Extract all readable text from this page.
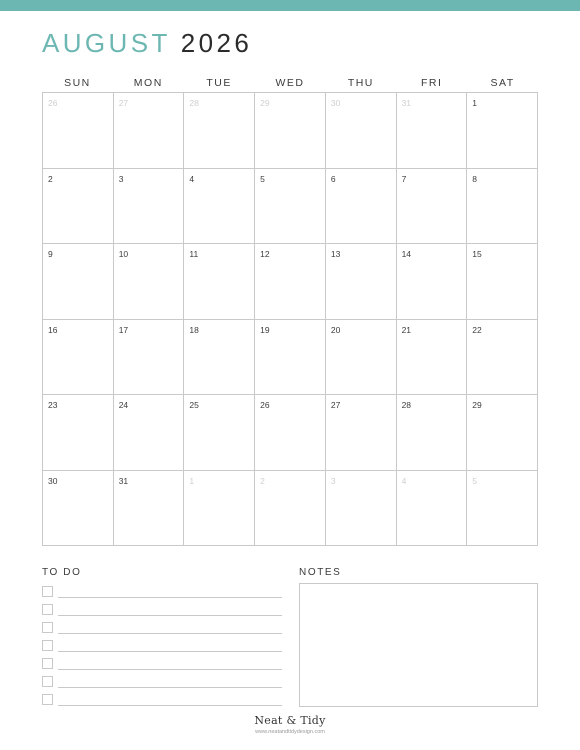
AUGUST 2026
SUN	MON	TUE	WED	THU	FRI	SAT
26	27	28	29	30	31	1
2	3	4	5	6	7	8
9	10	11	12	13	14	15
16	17	18	19	20	21	22
23	24	25	26	27	28	29
30	31	1	2	3	4	5
TO DO	NOTES
Neat & Tidy
www.neatandtidydesign.com
